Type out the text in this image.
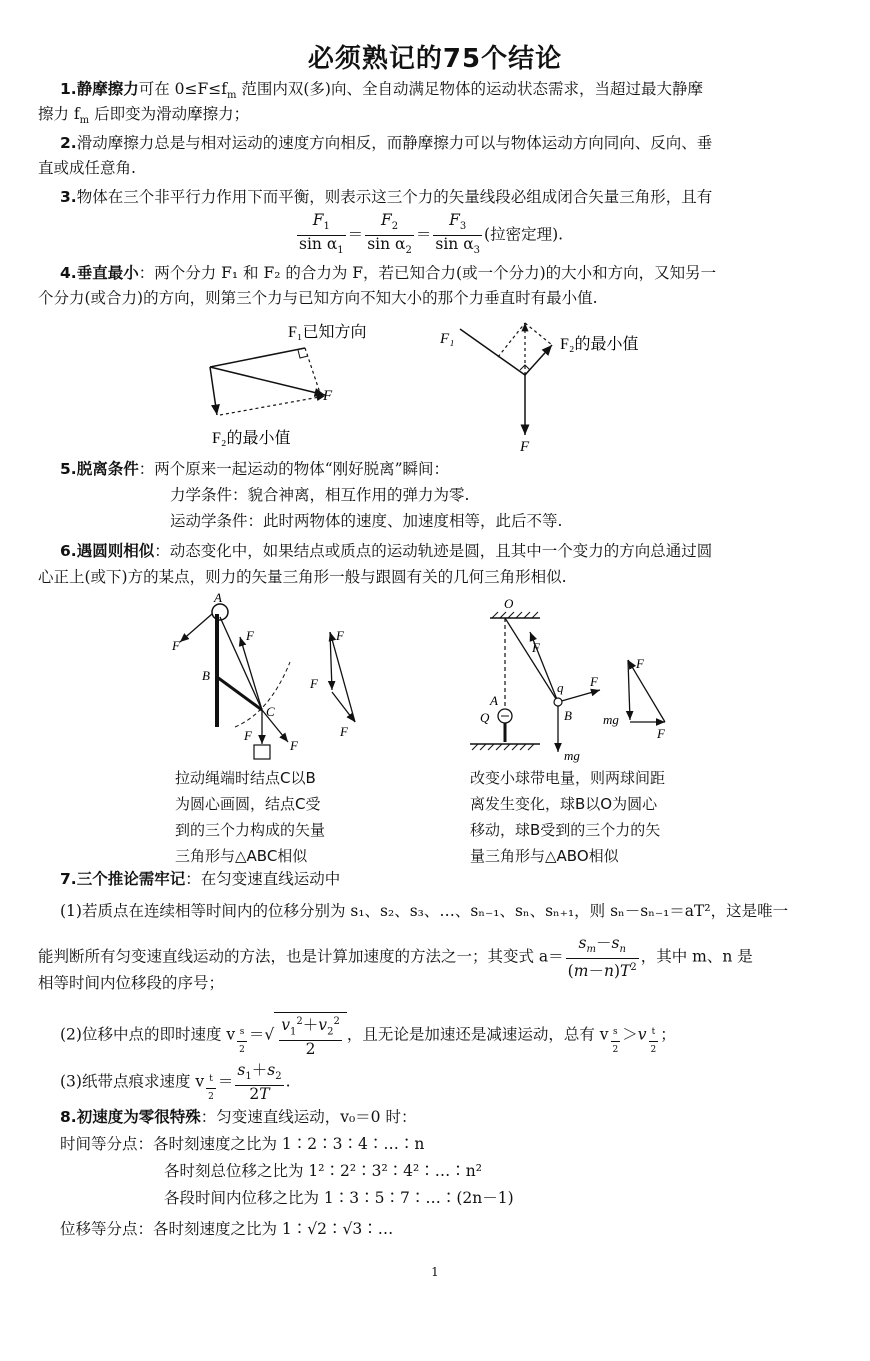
必须熟记的75个结论
1.静摩擦力可在 $0\le F\le f_m$ 范围内双(多)向、全自动满足物体的运动状态需求，当超过最大静摩
擦力 $f_m$ 后即变为滑动摩擦力；
2.滑动摩擦力总是与相对运动的速度方向相反，而静摩擦力可以与物体运动方向同向、反向、垂
直或成任意角.
3.物体在三个非平行力作用下而平衡，则表示这三个力的矢量线段必组成闭合矢量三角形，且有
$\frac{F_1}{\sin \alpha_1} = \frac{F_2}{\sin \alpha_2} = \frac{F_3}{\sin \alpha_3}$ (拉密定理).
4.垂直最小：两个分力 F₁ 和 F₂ 的合力为 F，若已知合力(或一个分力)的大小和方向，又知另一
个分力(或合力)的方向，则第三个力与已知方向不知大小的那个力垂直时有最小值.
F₁已知方向
F
F₂的最小值
F₁	F₂的最小值
F
5.脱离条件：两个原来一起运动的物体“刚好脱离”瞬间：
力学条件：貌合神离，相互作用的弹力为零.
运动学条件：此时两物体的速度、加速度相等，此后不等.
6.遇圆则相似：动态变化中，如果结点或质点的运动轨迹是圆，且其中一个变力的方向总通过圆
心正上(或下)方的某点，则力的矢量三角形一般与跟圆有关的几何三角形相似.
A
B
C
F
F
F
F
F
F
F
O
A
Q
q
B
F
F
mg
F
mg
F
拉动绳端时结点C以B
为圆心画圆，结点C受
到的三个力构成的矢量
三角形与△ABC相似
改变小球带电量，则两球间距
离发生变化，球B以O为圆心
移动，球B受到的三个力的矢
量三角形与△ABO相似
7.三个推论需牢记：在匀变速直线运动中
(1)若质点在连续相等时间内的位移分别为 s₁、s₂、s₃、…、sₙ₋₁、sₙ、sₙ₊₁，则 sₙ－sₙ₋₁＝aT²，这是唯一
能判断所有匀变速直线运动的方法，也是计算加速度的方法之一；其变式 $a= \frac{s_m-s_n}{(m-n)T^2}$ ，其中 m、n 是
相等时间内位移段的序号；
(2)位移中点的即时速度 v $_{\frac{s}{2}}$ ＝√ $\frac{v_1^2+v_2^2}{2}$ ，且无论是加速还是减速运动，总有 v $_{\frac{s}{2}}$ ＞v $_{\frac{t}{2}}$ ；
(3)纸带点痕求速度 v $_{\frac{t}{2}} = \frac{s_1+s_2}{2T}$ .
8.初速度为零很特殊：匀变速直线运动，v₀＝0 时：
时间等分点：各时刻速度之比为 1∶2∶3∶4∶…∶n
各时刻总位移之比为 1²∶2²∶3²∶4²∶…∶n²
各段时间内位移之比为 1∶3∶5∶7∶…∶(2n－1)
位移等分点：各时刻速度之比为 1∶√2∶√3∶…
1
